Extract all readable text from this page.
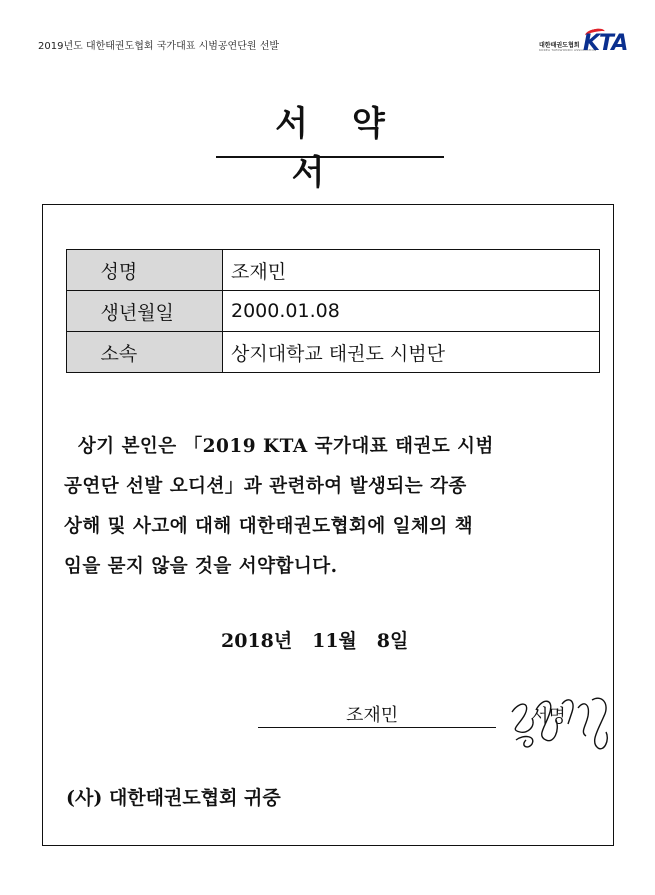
2019년도 대한태권도협회 국가대표 시범공연단원 선발	대한태권도협회
KOREA TAEKWONDO ASSOCIATION
KTA
서약서
성명	조재민
생년월일	2000.01.08
소속	상지대학교 태권도 시범단
상기 본인은 「2019 KTA 국가대표 태권도 시범
공연단 선발 오디션」과 관련하여 발생되는 각종
상해 및 사고에 대해 대한태권도협회에 일체의 책
임을 묻지 않을 것을 서약합니다.
2018년 11월 8일
조재민	서명
(사) 대한태권도협회 귀중
